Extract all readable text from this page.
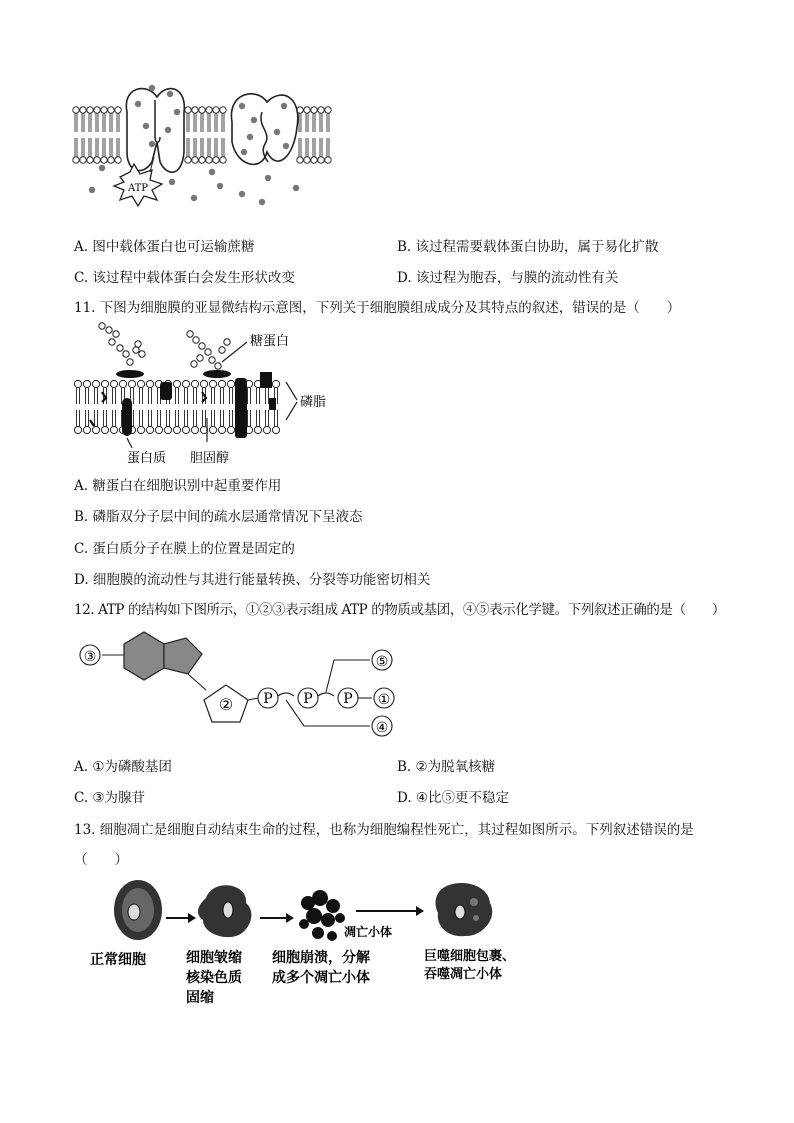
ATP
A. 图中载体蛋白也可运输蔗糖	B. 该过程需要载体蛋白协助，属于易化扩散
C. 该过程中载体蛋白会发生形状改变	D. 该过程为胞吞，与膜的流动性有关
11. 下图为细胞膜的亚显微结构示意图，下列关于细胞膜组成成分及其特点的叙述，错误的是（　　）
糖蛋白
磷脂
蛋白质 胆固醇
A. 糖蛋白在细胞识别中起重要作用
B. 磷脂双分子层中间的疏水层通常情况下呈液态
C. 蛋白质分子在膜上的位置是固定的
D. 细胞膜的流动性与其进行能量转换、分裂等功能密切相关
12. ATP 的结构如下图所示，①②③表示组成 ATP 的物质或基团，④⑤表示化学键。下列叙述正确的是（　　）
③
② P P P
⑤
①
④
A. ①为磷酸基团	B. ②为脱氧核糖
C. ③为腺苷	D. ④比⑤更不稳定
13. 细胞凋亡是细胞自动结束生命的过程，也称为细胞编程性死亡，其过程如图所示。下列叙述错误的是
（　　）
凋亡小体
正常细胞	细胞皱缩
核染色质
固缩
细胞崩溃，分解
成多个凋亡小体
巨噬细胞包裹、
吞噬凋亡小体
